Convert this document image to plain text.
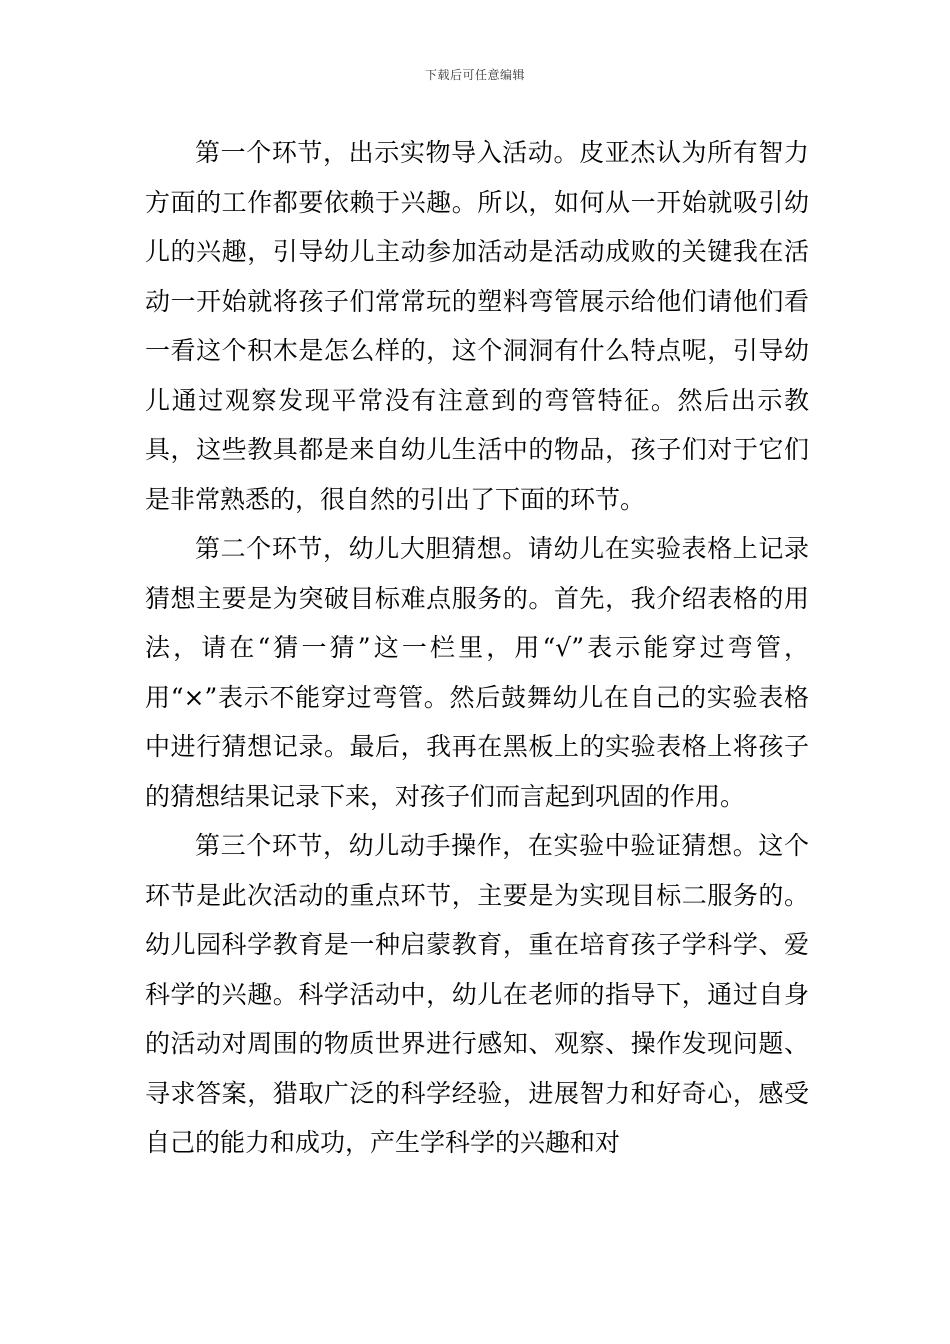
下载后可任意编辑

第一个环节，出示实物导入活动。皮亚杰认为所有智力方面的工作都要依赖于兴趣。所以，如何从一开始就吸引幼儿的兴趣，引导幼儿主动参加活动是活动成败的关键我在活动一开始就将孩子们常常玩的塑料弯管展示给他们请他们看一看这个积木是怎么样的，这个洞洞有什么特点呢，引导幼儿通过观察发现平常没有注意到的弯管特征。然后出示教具，这些教具都是来自幼儿生活中的物品，孩子们对于它们是非常熟悉的，很自然的引出了下面的环节。

第二个环节，幼儿大胆猜想。请幼儿在实验表格上记录猜想主要是为突破目标难点服务的。首先，我介绍表格的用法，请在“猜一猜”这一栏里，用“√”表示能穿过弯管，用“×”表示不能穿过弯管。然后鼓舞幼儿在自己的实验表格中进行猜想记录。最后，我再在黑板上的实验表格上将孩子的猜想结果记录下来，对孩子们而言起到巩固的作用。

第三个环节，幼儿动手操作，在实验中验证猜想。这个环节是此次活动的重点环节，主要是为实现目标二服务的。幼儿园科学教育是一种启蒙教育，重在培育孩子学科学、爱科学的兴趣。科学活动中，幼儿在老师的指导下，通过自身的活动对周围的物质世界进行感知、观察、操作发现问题、寻求答案，猎取广泛的科学经验，进展智力和好奇心，感受自己的能力和成功，产生学科学的兴趣和对
